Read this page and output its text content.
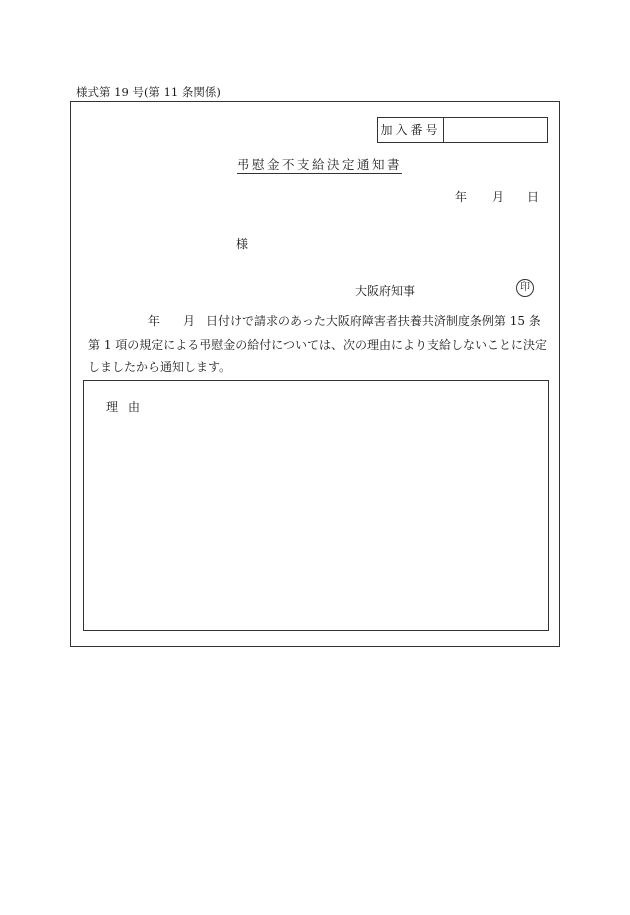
様式第 19 号(第 11 条関係)
加入番号
弔慰金不支給決定通知書
年 月 日
様
大阪府知事	印
年 月 日付けで請求のあった大阪府障害者扶養共済制度条例第 15 条
第 1 項の規定による弔慰金の給付については、次の理由により支給しないことに決定
しましたから通知します。
理由
